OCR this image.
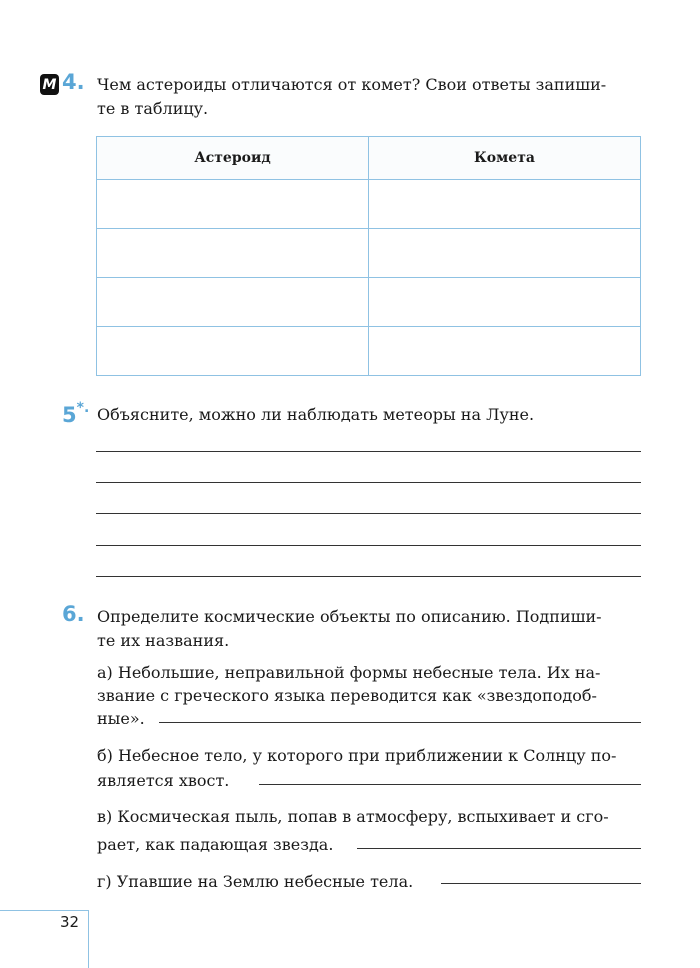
М 4. Чем астероиды отличаются от комет? Свои ответы запиши-
те в таблицу.
Астероид	Комета

5*. Объясните, можно ли наблюдать метеоры на Луне.
6. Определите космические объекты по описанию. Подпиши-
те их названия.
а) Небольшие, неправильной формы небесные тела. Их на-
звание с греческого языка переводится как «звездоподоб-
ные».
б) Небесное тело, у которого при приближении к Солнцу по-
является хвост.
в) Космическая пыль, попав в атмосферу, вспыхивает и сго-
рает, как падающая звезда.
г) Упавшие на Землю небесные тела.
32
